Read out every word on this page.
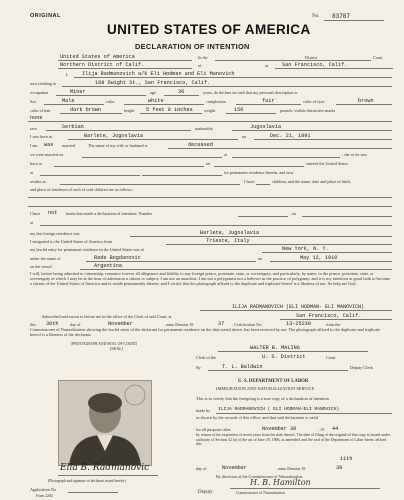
ORIGINAL	No. 83787
UNITED STATES OF AMERICA
DECLARATION OF INTENTION
United States of America	In the	District	Court
Northern District of Calif.	of	at	San Francisco, Calif.
I,	Ilija Radmanovich a/k Eli Hodman and Eli Manovich
now residing at	108 Dwight St., San Francisco, Calif.
occupation	Miner	age	36	years, do declare on oath that my personal description is:
Sex	Male	color	white	complexion	fair	color of eyes	brown
color of hair	dark brown	height 5 feet 8 inches	weight	150	pounds; visible distinctive marks
none
race	Serbian	nationality	Jugoslavia
I was born in	Barlete, Jugoslavia	on	Dec. 21, 1891
I am was married	The name of my wife or husband is	deceased
we were married on	at	; she or he was
born at	on	entered the United States
at	for permanent residence therein, and now
resides at	. I have	children, and the name, date and place of birth,
and place of residence of each of said children are as follows:
I have not heretofore made a declaration of intention: Number	, on
at
my last foreign residence was	Barlete, Jugoslavia
I emigrated to the United States of America from	Trieste, Italy
my lawful entry for permanent residence in the United States was at	New York, N. Y.
under the name of	Rade Bogdanovic	on	May 12, 1910
on the vessel	Argentina
I will, before being admitted to citizenship, renounce forever all allegiance and fidelity to any foreign prince, potentate, state, or sovereignty, and particularly, by name, to the prince, potentate, state, or sovereignty of which I may be at the time of admission a citizen or subject; I am not an anarchist; I am not a polygamist nor a believer in the practice of polygamy; and it is my intention in good faith to become a citizen of the United States of America and to reside permanently therein; and I certify that the photograph affixed to the duplicate and triplicate hereof is a likeness of me: So help me God.
ILIJA RADMANOVICH (ELI HODMAN- ELI MANOVICH)
Subscribed and sworn to before me in the office of the Clerk of said Court, at	San Francisco, Calif.
this 30th	day of	November	, anno Domini 19	37 . Certification No.	13-25230	from the
Commissioner of Naturalization showing the lawful entry of the declarant for permanent residence on the date stated above, has been received by me. The photograph affixed to the duplicate and triplicate hereof is a likeness of the declarant.
[SEAL]	WALTER B. MALING
Clerk of the	U. S. District	Court.
By	T. L. Baldwin	Deputy Clerk.
[PHOTOGRAPH AND SEAL OF COURT]
Ella B. Radmanovic
(Photograph and signature of declarant issued hereby)
Application No.
Form 2202
U. S. DEPARTMENT OF LABOR
IMMIGRATION AND NATURALIZATION SERVICE
This is to certify that the foregoing is a true copy of a declaration of intention
made by ILIJA RADMANOVICH ( ELI HODMAN-ELI MANOVICH)
as shown by the records of this office, and that said declaration is valid
for all purposes after	November 30	, 19 44
by reason of the expiration of seven years from the date thereof. The date of filing of the original of this copy is issued under authority of Section 32 (a) of the act of June 29, 1906, as amended, and the seal of the Department of Labor hereto affixed this
11th
day of	November	, anno Domini 19	38
By direction of the Commissioner of Naturalization
H. B. Hamilton
Deputy	Commissioner of Naturalization
